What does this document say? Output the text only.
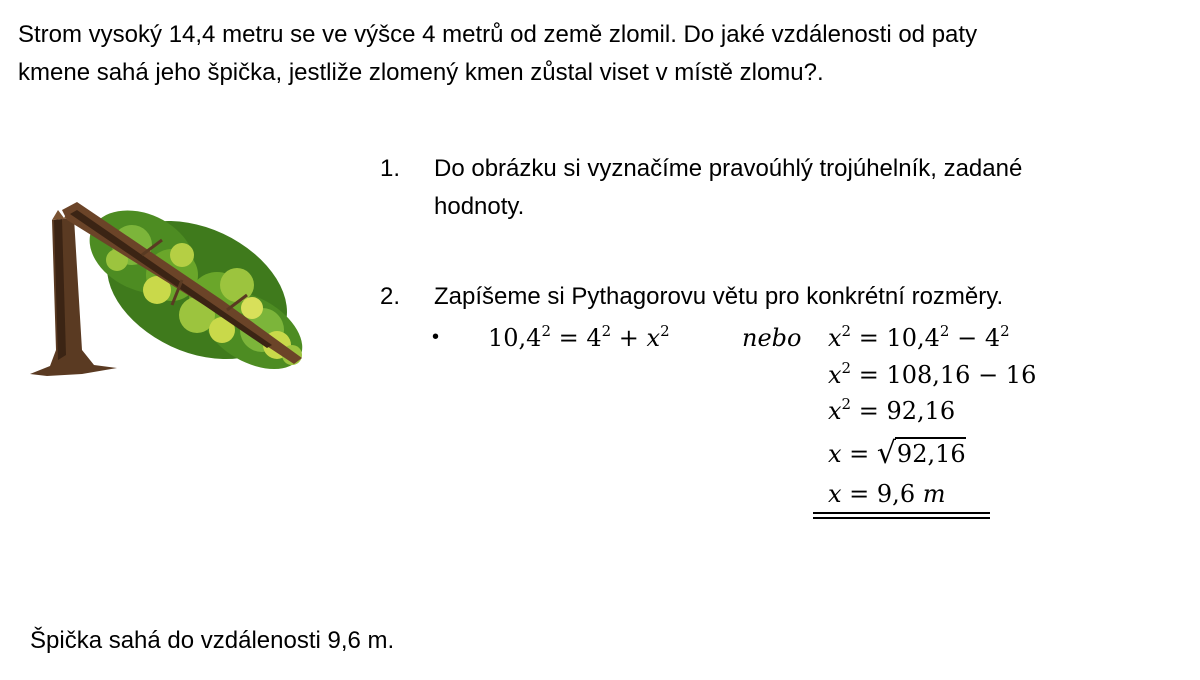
Strom vysoký 14,4 metru se ve výšce 4 metrů od země zlomil. Do jaké vzdálenosti od paty
kmene sahá jeho špička, jestliže zlomený kmen zůstal viset v místě zlomu?.

1. Do obrázku si vyznačíme pravoúhlý trojúhelník, zadané
hodnoty.
2. Zapíšeme si Pythagorovu větu pro konkrétní rozměry.
• $10,4^2 = 4^2 + x^2$	nebo $x^2 = 10,4^2 - 4^2$
$x^2 = 108,16 - 16$
$x^2 = 92,16$
x = √ 92,16
x = 9,6 m
Špička sahá do vzdálenosti 9,6 m.
